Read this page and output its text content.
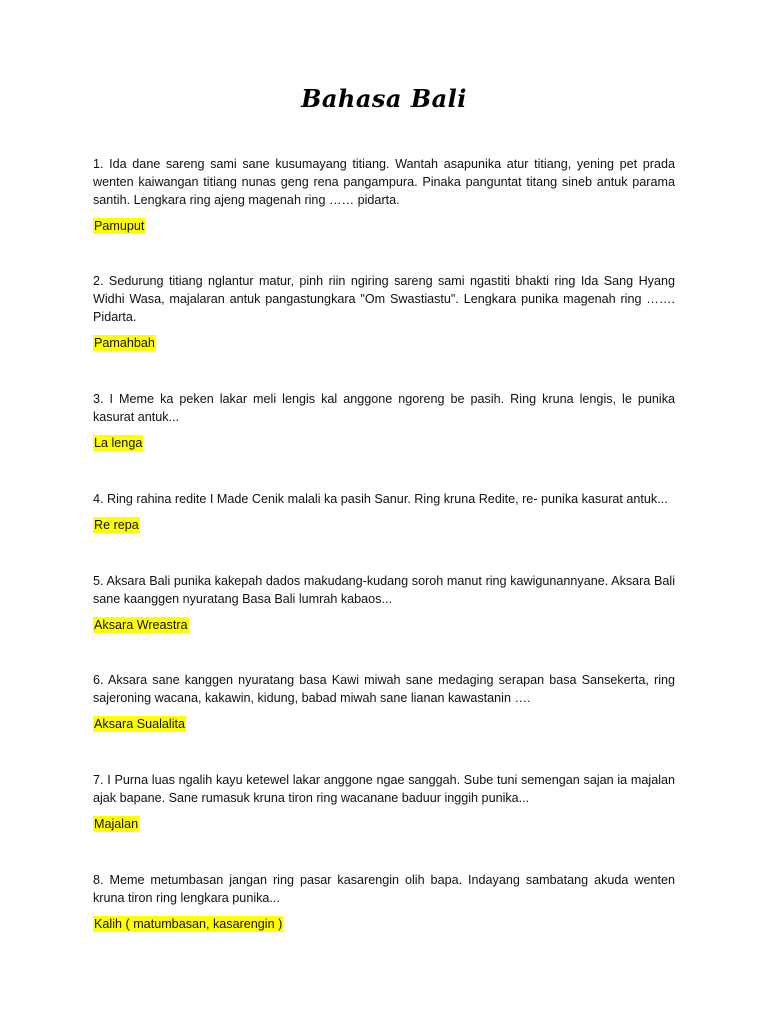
Bahasa Bali

1. Ida dane sareng sami sane kusumayang titiang. Wantah asapunika atur titiang, yening pet prada wenten kaiwangan titiang nunas geng rena pangampura. Pinaka panguntat titang sineb antuk parama santih. Lengkara ring ajeng magenah ring …… pidarta.

Pamuput

2. Sedurung titiang nglantur matur, pinh riin ngiring sareng sami ngastiti bhakti ring Ida Sang Hyang Widhi Wasa, majalaran antuk pangastungkara "Om Swastiastu". Lengkara punika magenah ring ……. Pidarta.

Pamahbah

3. I Meme ka peken lakar meli lengis kal anggone ngoreng be pasih. Ring kruna lengis, le punika kasurat antuk...

La lenga

4. Ring rahina redite I Made Cenik malali ka pasih Sanur. Ring kruna Redite, re- punika kasurat antuk...

Re repa

5. Aksara Bali punika kakepah dados makudang-kudang soroh manut ring kawigunannyane. Aksara Bali sane kaanggen nyuratang Basa Bali lumrah kabaos...

Aksara Wreastra

6. Aksara sane kanggen nyuratang basa Kawi miwah sane medaging serapan basa Sansekerta, ring sajeroning wacana, kakawin, kidung, babad miwah sane lianan kawastanin ….

Aksara Sualalita

7. I Purna luas ngalih kayu ketewel lakar anggone ngae sanggah. Sube tuni semengan sajan ia majalan ajak bapane. Sane rumasuk kruna tiron ring wacanane baduur inggih punika...

Majalan

8. Meme metumbasan jangan ring pasar kasarengin olih bapa. Indayang sambatang akuda wenten kruna tiron ring lengkara punika...

Kalih ( matumbasan, kasarengin )
